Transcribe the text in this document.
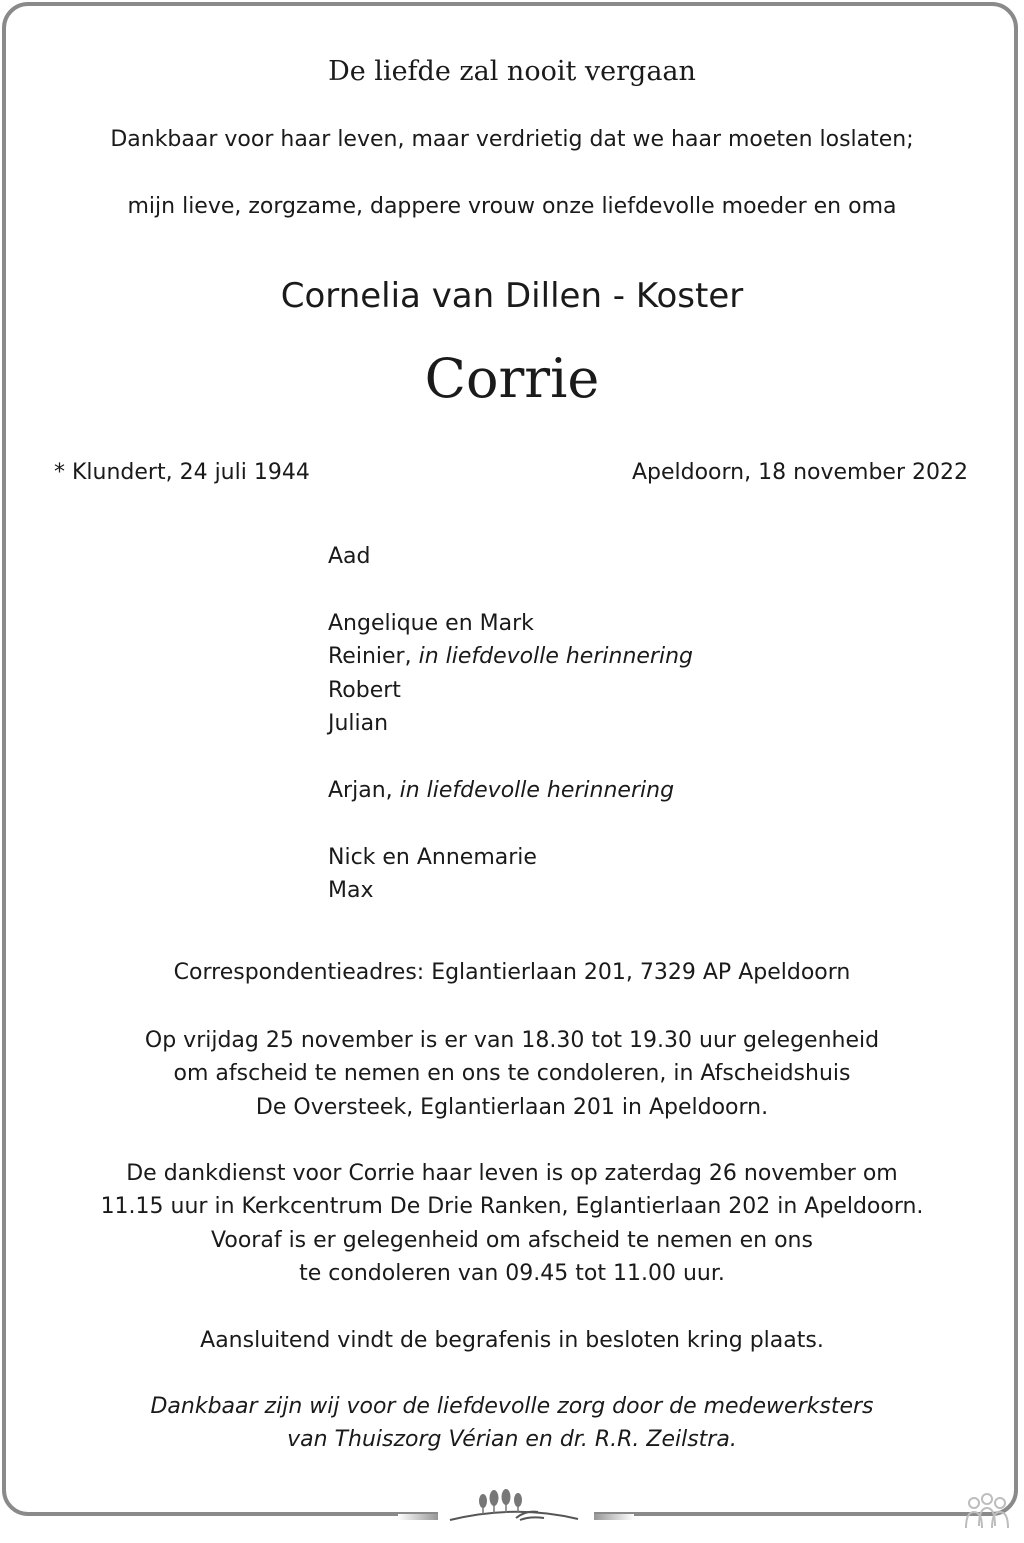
De liefde zal nooit vergaan
Dankbaar voor haar leven, maar verdrietig dat we haar moeten loslaten;
mijn lieve, zorgzame, dappere vrouw onze liefdevolle moeder en oma
Cornelia van Dillen - Koster
Corrie
* Klundert, 24 juli 1944	Apeldoorn, 18 november 2022
Aad
Angelique en Mark
Reinier, in liefdevolle herinnering
Robert
Julian
Arjan, in liefdevolle herinnering
Nick en Annemarie
Max
Correspondentieadres: Eglantierlaan 201, 7329 AP Apeldoorn
Op vrijdag 25 november is er van 18.30 tot 19.30 uur gelegenheid
om afscheid te nemen en ons te condoleren, in Afscheidshuis
De Oversteek, Eglantierlaan 201 in Apeldoorn.
De dankdienst voor Corrie haar leven is op zaterdag 26 november om
11.15 uur in Kerkcentrum De Drie Ranken, Eglantierlaan 202 in Apeldoorn.
Vooraf is er gelegenheid om afscheid te nemen en ons
te condoleren van 09.45 tot 11.00 uur.
Aansluitend vindt de begrafenis in besloten kring plaats.
Dankbaar zijn wij voor de liefdevolle zorg door de medewerksters
van Thuiszorg Vérian en dr. R.R. Zeilstra.
